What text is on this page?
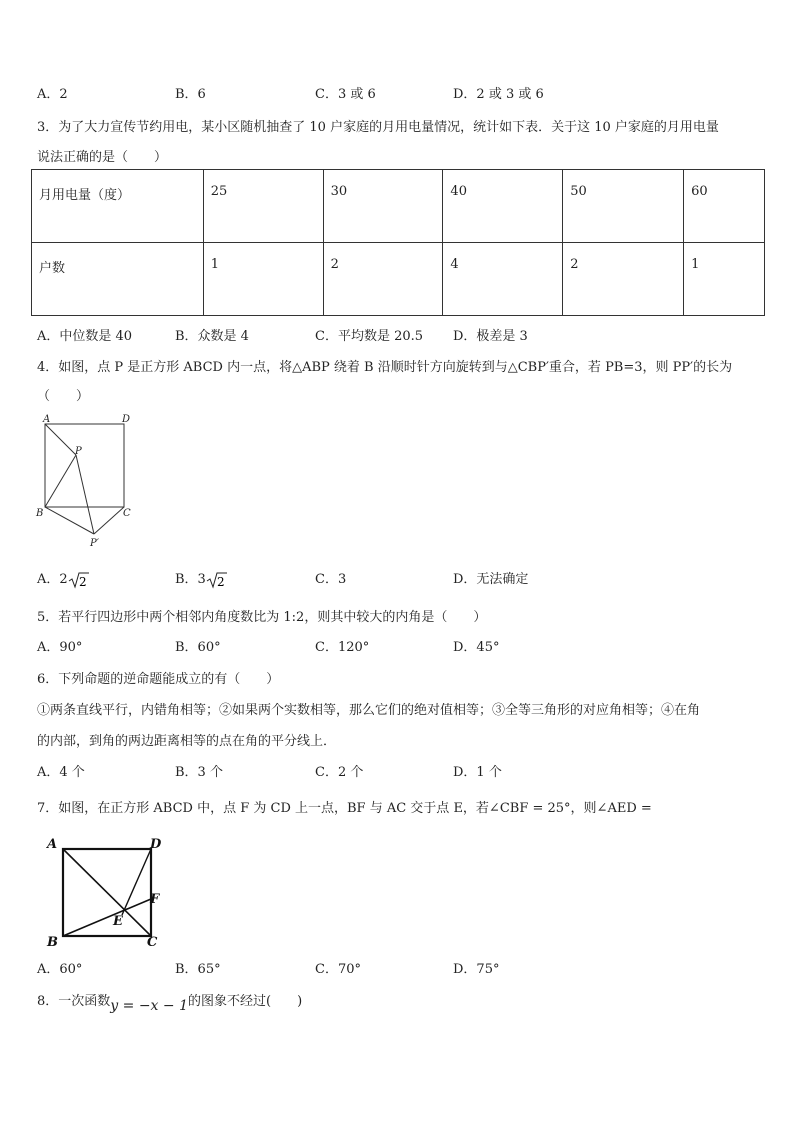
A．2	B．6	C．3 或 6	D．2 或 3 或 6
3．为了大力宣传节约用电，某小区随机抽查了 10 户家庭的月用电量情况，统计如下表．关于这 10 户家庭的月用电量
说法正确的是（　　）
月用电量（度）	25	30	40	50	60
户数	1	2	4	2	1
A．中位数是 40	B．众数是 4	C．平均数是 20.5 D．极差是 3
4．如图，点 P 是正方形 ABCD 内一点，将△ABP 绕着 B 沿顺时针方向旋转到与△CBP′重合，若 PB=3，则 PP′的长为
（　　）
A	D
P
B	C
P′
A．2 2	B．3 2	C．3	D．无法确定
5．若平行四边形中两个相邻内角度数比为 1:2，则其中较大的内角是（　　）
A．90°	B．60°	C．120°	D．45°
6．下列命题的逆命题能成立的有（　　）
①两条直线平行，内错角相等；②如果两个实数相等，那么它们的绝对值相等；③全等三角形的对应角相等；④在角
的内部，到角的两边距离相等的点在角的平分线上．
A．4 个	B．3 个	C．2 个	D．1 个
7．如图，在正方形 ABCD 中，点 F 为 CD 上一点，BF 与 AC 交于点 E，若∠CBF = 25°，则∠AED =
A	D
F
E
B	C
A．60°	B．65°	C．70°	D．75°
8．一次函数y = −x − 1的图象不经过(　　)
